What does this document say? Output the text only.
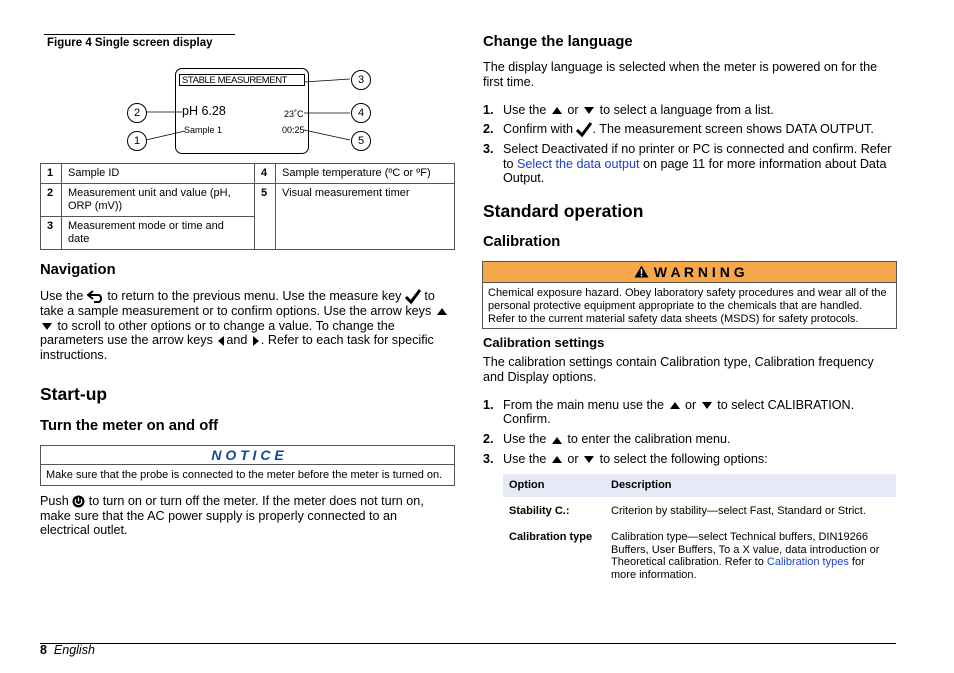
Figure 4 Single screen display
STABLE MEASUREMENT
pH 6.28	23˚C
Sample 1	00:25
2
1
3
4
5
1	Sample ID	4	Sample temperature (ºC or ºF)
2	Measurement unit and value (pH, ORP (mV))	5	Visual measurement timer
3	Measurement mode or time and date		
Navigation
Use the to return to the previous menu. Use the measure key to take a sample measurement or to confirm options. Use the arrow keys  to scroll to other options or to change a value. To change the parameters use the arrow keys and . Refer to each task for specific instructions.
Start-up
Turn the meter on and off
N O T I C E
Make sure that the probe is connected to the meter before the meter is turned on.
Push to turn on or turn off the meter. If the meter does not turn on, make sure that the AC power supply is properly connected to an electrical outlet.
Change the language
The display language is selected when the meter is powered on for the first time.
1. Use the or to select a language from a list.
2. Confirm with . The measurement screen shows DATA OUTPUT.
3. Select Deactivated if no printer or PC is connected and confirm. Refer to Select the data output on page 11 for more information about Data Output.
Standard operation
Calibration
W A R N I N G
Chemical exposure hazard. Obey laboratory safety procedures and wear all of the personal protective equipment appropriate to the chemicals that are handled. Refer to the current material safety data sheets (MSDS) for safety protocols.
Calibration settings
The calibration settings contain Calibration type, Calibration frequency and Display options.
1. From the main menu use the or to select CALIBRATION. Confirm.
2. Use the to enter the calibration menu.
3. Use the or to select the following options:
Option	Description
Stability C.:	Criterion by stability—select Fast, Standard or Strict.
Calibration type	Calibration type—select Technical buffers, DIN19266 Buffers, User Buffers, To a X value, data introduction or Theoretical calibration. Refer to Calibration types for more information.
8 English
